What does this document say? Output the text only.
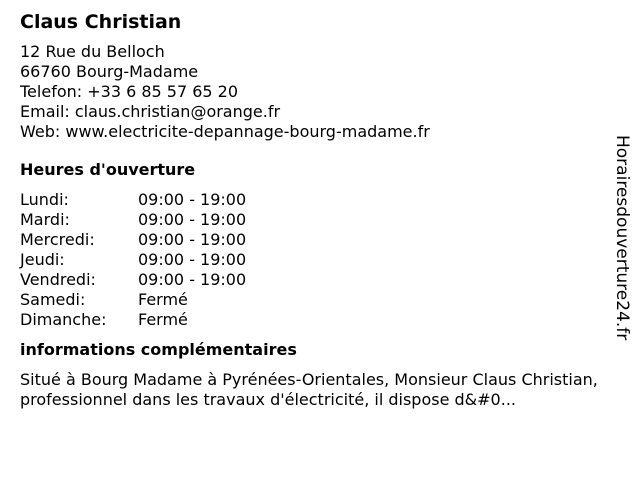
Claus Christian
12 Rue du Belloch
66760 Bourg-Madame
Telefon: +33 6 85 57 65 20
Email: claus.christian@orange.fr
Web: www.electricite-depannage-bourg-madame.fr
Heures d'ouverture
Lundi:	09:00 - 19:00
Mardi:	09:00 - 19:00
Mercredi:	09:00 - 19:00
Jeudi:	09:00 - 19:00
Vendredi:	09:00 - 19:00
Samedi:	Fermé
Dimanche:	Fermé
informations complémentaires
Situé à Bourg Madame à Pyrénées-Orientales, Monsieur Claus Christian, professionnel dans les travaux d'électricité, il dispose d&#0...
Horairesdouverture24.fr
